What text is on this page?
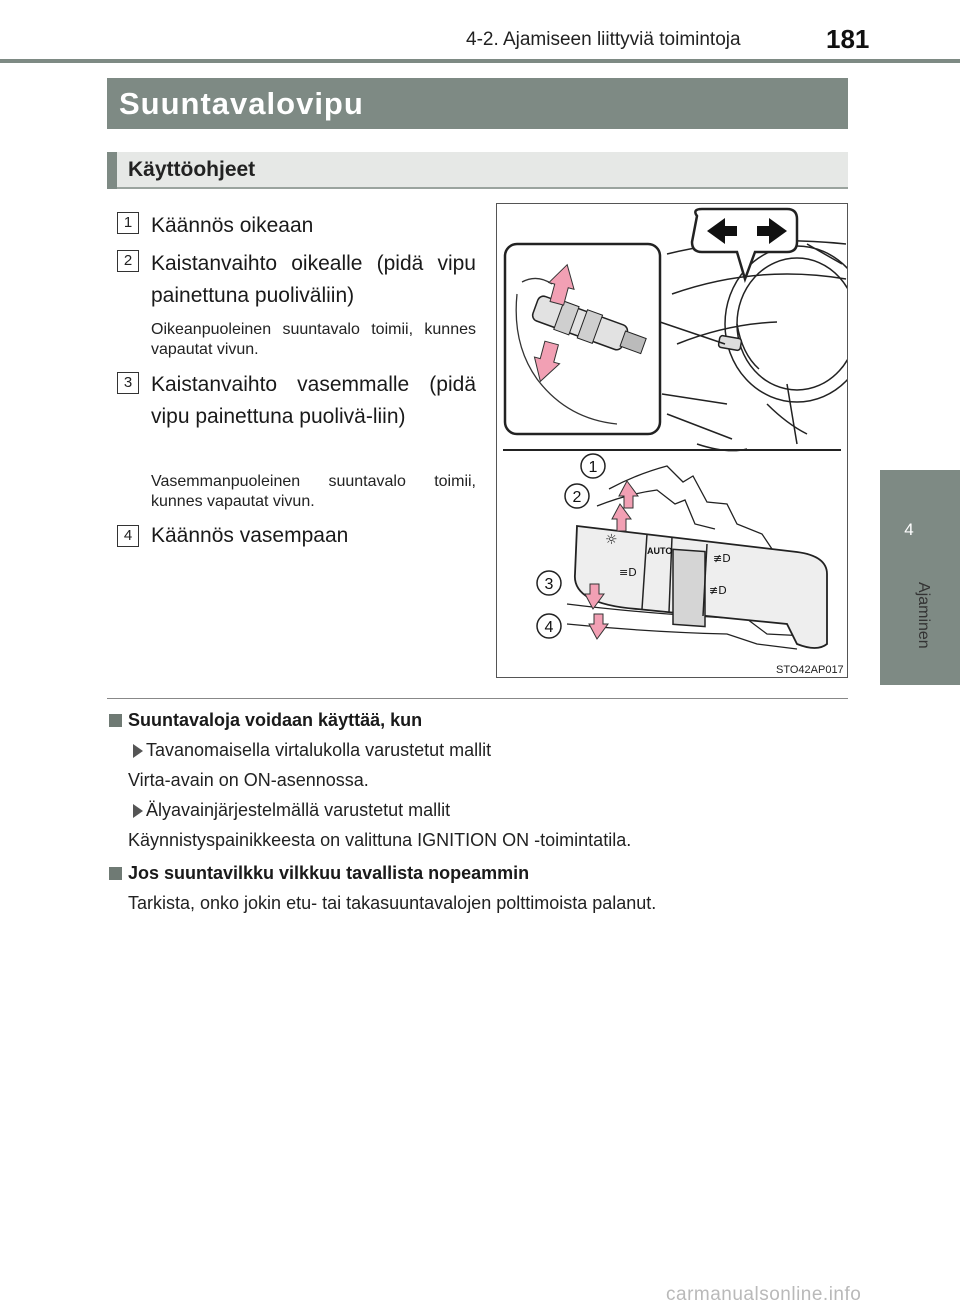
4-2. Ajamiseen liittyviä toimintoja	181
4
Ajaminen
Suuntavalovipu
Käyttöohjeet
1 Käännös oikeaan
2 Kaistanvaihto oikealle (pidä vipu painettuna puoliväliin)
Oikeanpuoleinen suuntavalo toimii, kunnes vapautat vivun.
3 Kaistanvaihto vasemmalle (pidä vipu painettuna puolivä-liin)
Vasemmanpuoleinen suuntavalo toimii, kunnes vapautat vivun.
4 Käännös vasempaan
AUTO
☼
≡D
≢D
≢D
1
2
3
4
STO42AP017
Suuntavaloja voidaan käyttää, kun
Tavanomaisella virtalukolla varustetut mallit
Virta-avain on ON-asennossa.
Älyavainjärjestelmällä varustetut mallit
Käynnistyspainikkeesta on valittuna IGNITION ON -toimintatila.
Jos suuntavilkku vilkkuu tavallista nopeammin
Tarkista, onko jokin etu- tai takasuuntavalojen polttimoista palanut.
carmanualsonline.info
